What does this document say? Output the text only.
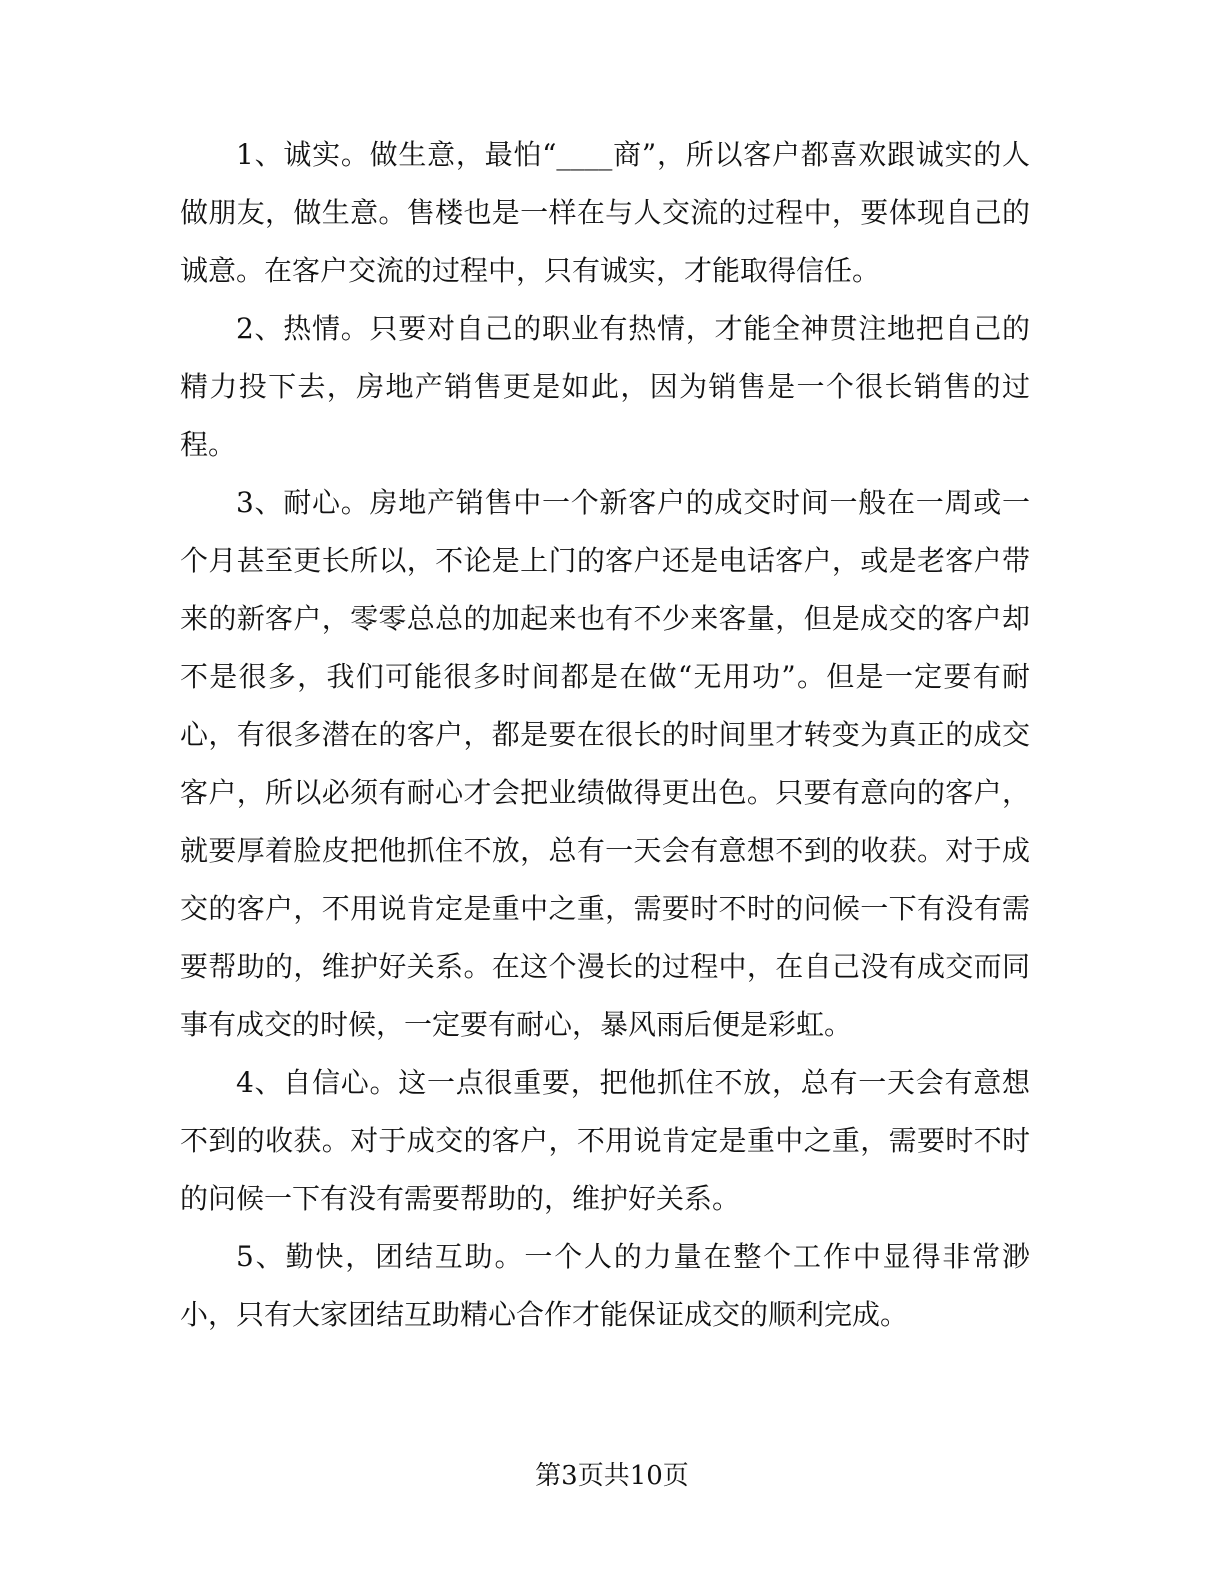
1、诚实。做生意，最怕“____商”，所以客户都喜欢跟诚实的人做朋友，做生意。售楼也是一样在与人交流的过程中，要体现自己的诚意。在客户交流的过程中，只有诚实，才能取得信任。

2、热情。只要对自己的职业有热情，才能全神贯注地把自己的精力投下去，房地产销售更是如此，因为销售是一个很长销售的过程。

3、耐心。房地产销售中一个新客户的成交时间一般在一周或一个月甚至更长所以，不论是上门的客户还是电话客户，或是老客户带来的新客户，零零总总的加起来也有不少来客量，但是成交的客户却不是很多，我们可能很多时间都是在做“无用功”。但是一定要有耐心，有很多潜在的客户，都是要在很长的时间里才转变为真正的成交客户，所以必须有耐心才会把业绩做得更出色。只要有意向的客户，就要厚着脸皮把他抓住不放，总有一天会有意想不到的收获。对于成交的客户，不用说肯定是重中之重，需要时不时的问候一下有没有需要帮助的，维护好关系。在这个漫长的过程中，在自己没有成交而同事有成交的时候，一定要有耐心，暴风雨后便是彩虹。

4、自信心。这一点很重要，把他抓住不放，总有一天会有意想不到的收获。对于成交的客户，不用说肯定是重中之重，需要时不时的问候一下有没有需要帮助的，维护好关系。

5、勤快，团结互助。一个人的力量在整个工作中显得非常渺小，只有大家团结互助精心合作才能保证成交的顺利完成。

第3页共10页
